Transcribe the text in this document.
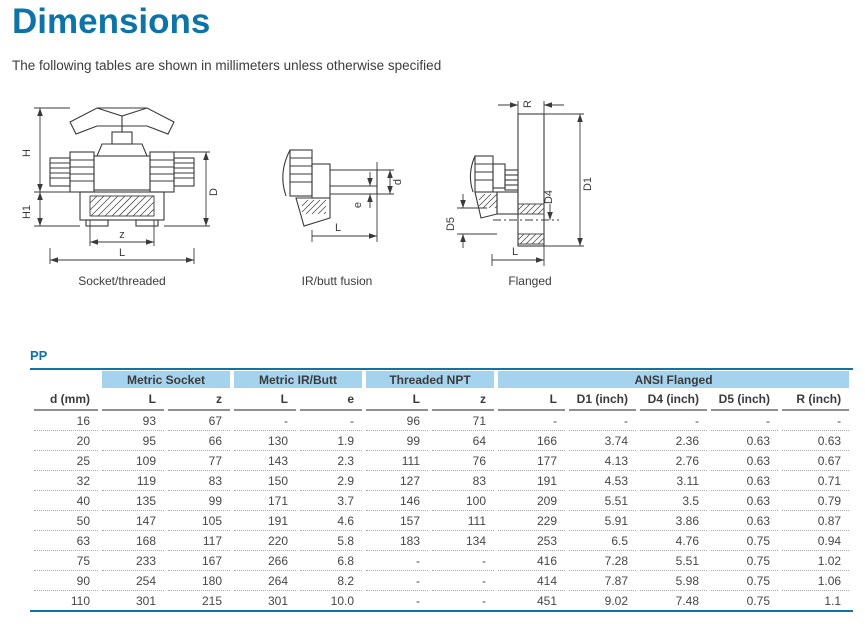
Dimensions

The following tables are shown in millimeters unless otherwise specified

H
H1
D
z
L
Socket/threaded
d
e
L
IR/butt fusion
R
D1
D4
D5
L
Flanged
PP
	Metric Socket		Metric IR/Butt		Threaded NPT		ANSI Flanged				
d (mm)	L	z	L	e	L	z	L	D1 (inch)	D4 (inch)	D5 (inch)	R (inch)
16	93	67	-	-	96	71	-	-	-	-	-
20	95	66	130	1.9	99	64	166	3.74	2.36	0.63	0.63
25	109	77	143	2.3	111	76	177	4.13	2.76	0.63	0.67
32	119	83	150	2.9	127	83	191	4.53	3.11	0.63	0.71
40	135	99	171	3.7	146	100	209	5.51	3.5	0.63	0.79
50	147	105	191	4.6	157	111	229	5.91	3.86	0.63	0.87
63	168	117	220	5.8	183	134	253	6.5	4.76	0.75	0.94
75	233	167	266	6.8	-	-	416	7.28	5.51	0.75	1.02
90	254	180	264	8.2	-	-	414	7.87	5.98	0.75	1.06
110	301	215	301	10.0	-	-	451	9.02	7.48	0.75	1.1
